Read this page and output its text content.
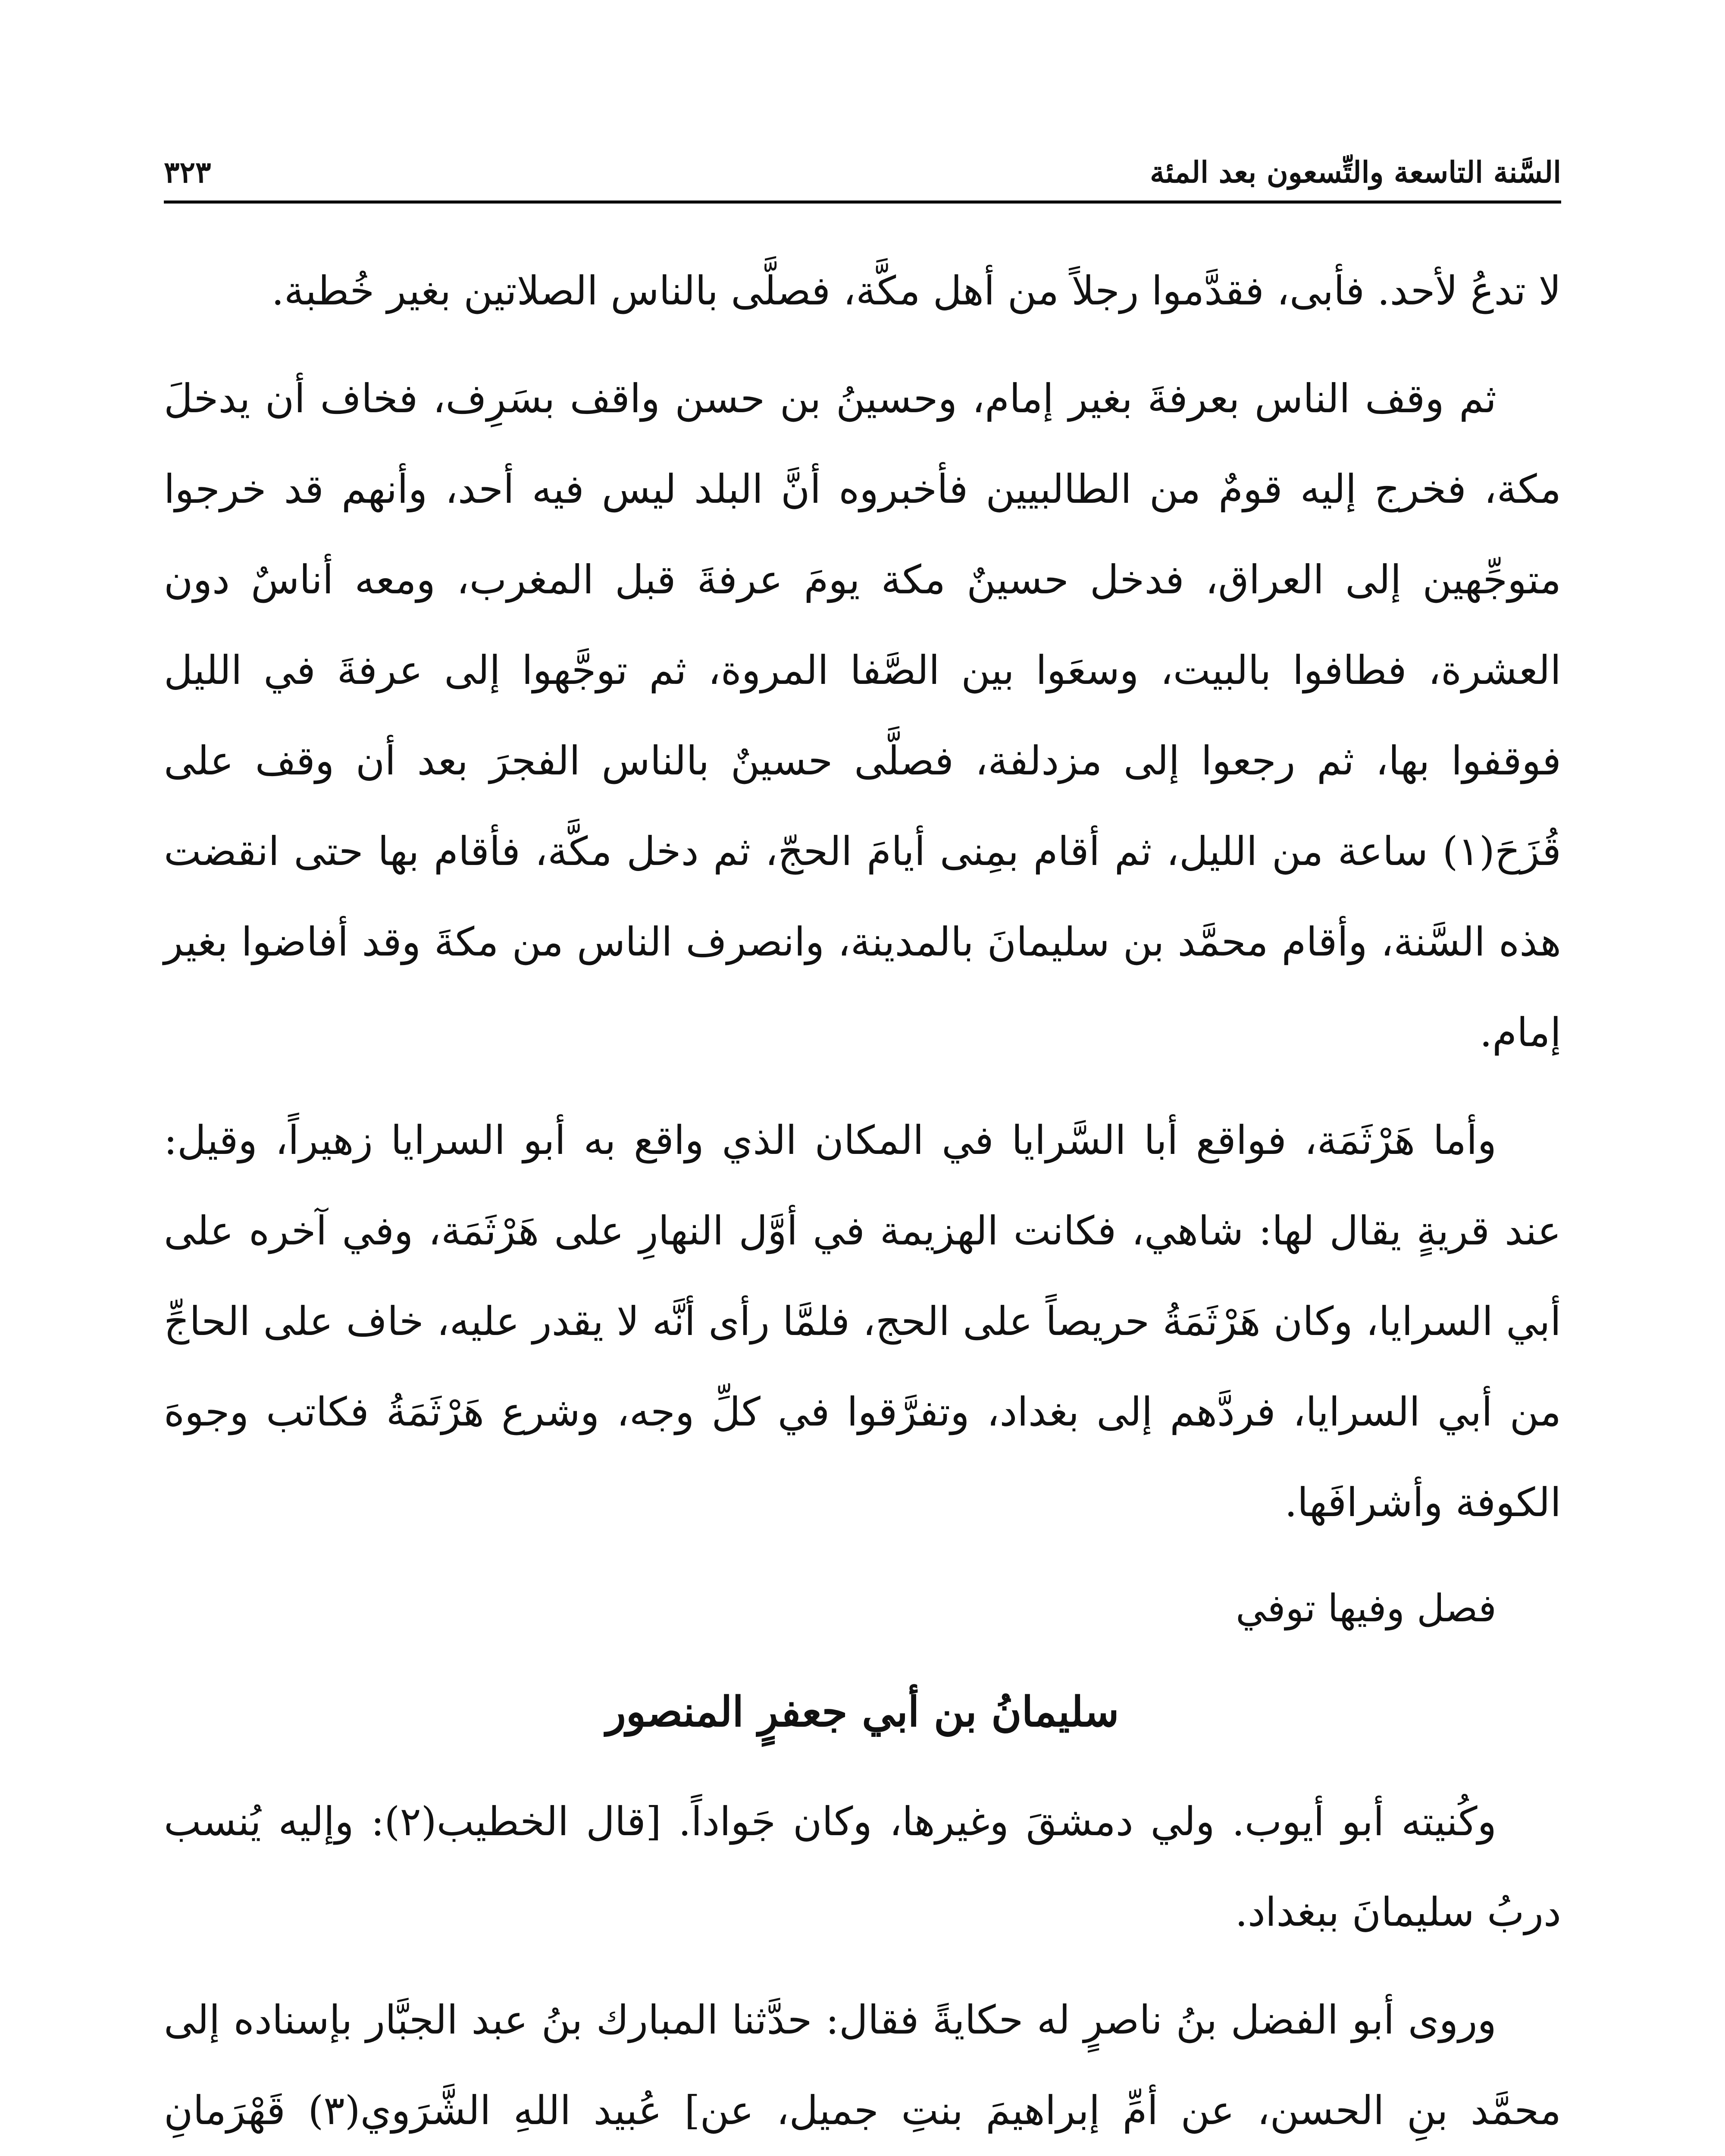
السَّنة التاسعة والتِّسعون بعد المئة
٣٢٣

لا تدعُ لأحد. فأبى، فقدَّموا رجلاً من أهل مكَّة، فصلَّى بالناس الصلاتين بغير خُطبة.

ثم وقف الناس بعرفةَ بغير إمام، وحسينُ بن حسن واقف بسَرِف، فخاف أن يدخلَ مكة، فخرج إليه قومٌ من الطالبيين فأخبروه أنَّ البلد ليس فيه أحد، وأنهم قد خرجوا متوجِّهين إلى العراق، فدخل حسينٌ مكة يومَ عرفةَ قبل المغرب، ومعه أناسٌ دون العشرة، فطافوا بالبيت، وسعَوا بين الصَّفا المروة، ثم توجَّهوا إلى عرفةَ في الليل فوقفوا بها، ثم رجعوا إلى مزدلفة، فصلَّى حسينٌ بالناس الفجرَ بعد أن وقف على قُزَحَ(١) ساعة من الليل، ثم أقام بمِنى أيامَ الحجّ، ثم دخل مكَّة، فأقام بها حتى انقضت هذه السَّنة، وأقام محمَّد بن سليمانَ بالمدينة، وانصرف الناس من مكةَ وقد أفاضوا بغير إمام.

وأما هَرْثَمَة، فواقع أبا السَّرايا في المكان الذي واقع به أبو السرايا زهيراً، وقيل: عند قريةٍ يقال لها: شاهي، فكانت الهزيمة في أوَّل النهارِ على هَرْثَمَة، وفي آخره على أبي السرايا، وكان هَرْثَمَةُ حريصاً على الحج، فلمَّا رأى أنَّه لا يقدر عليه، خاف على الحاجِّ من أبي السرايا، فردَّهم إلى بغداد، وتفرَّقوا في كلِّ وجه، وشرع هَرْثَمَةُ فكاتب وجوهَ الكوفة وأشرافَها.

فصل وفيها توفي

سليمانُ بن أبي جعفرٍ المنصور

وكُنيته أبو أيوب. ولي دمشقَ وغيرها، وكان جَواداً. [قال الخطيب(٢): وإليه يُنسب دربُ سليمانَ ببغداد.

وروى أبو الفضل بنُ ناصرٍ له حكايةً فقال: حدَّثنا المبارك بنُ عبد الجبَّار بإسناده إلى محمَّد بنِ الحسن، عن أمِّ إبراهيمَ بنتِ جميل، عن] عُبيد اللهِ الشَّرَوي(٣) قَهْرَمانِ
